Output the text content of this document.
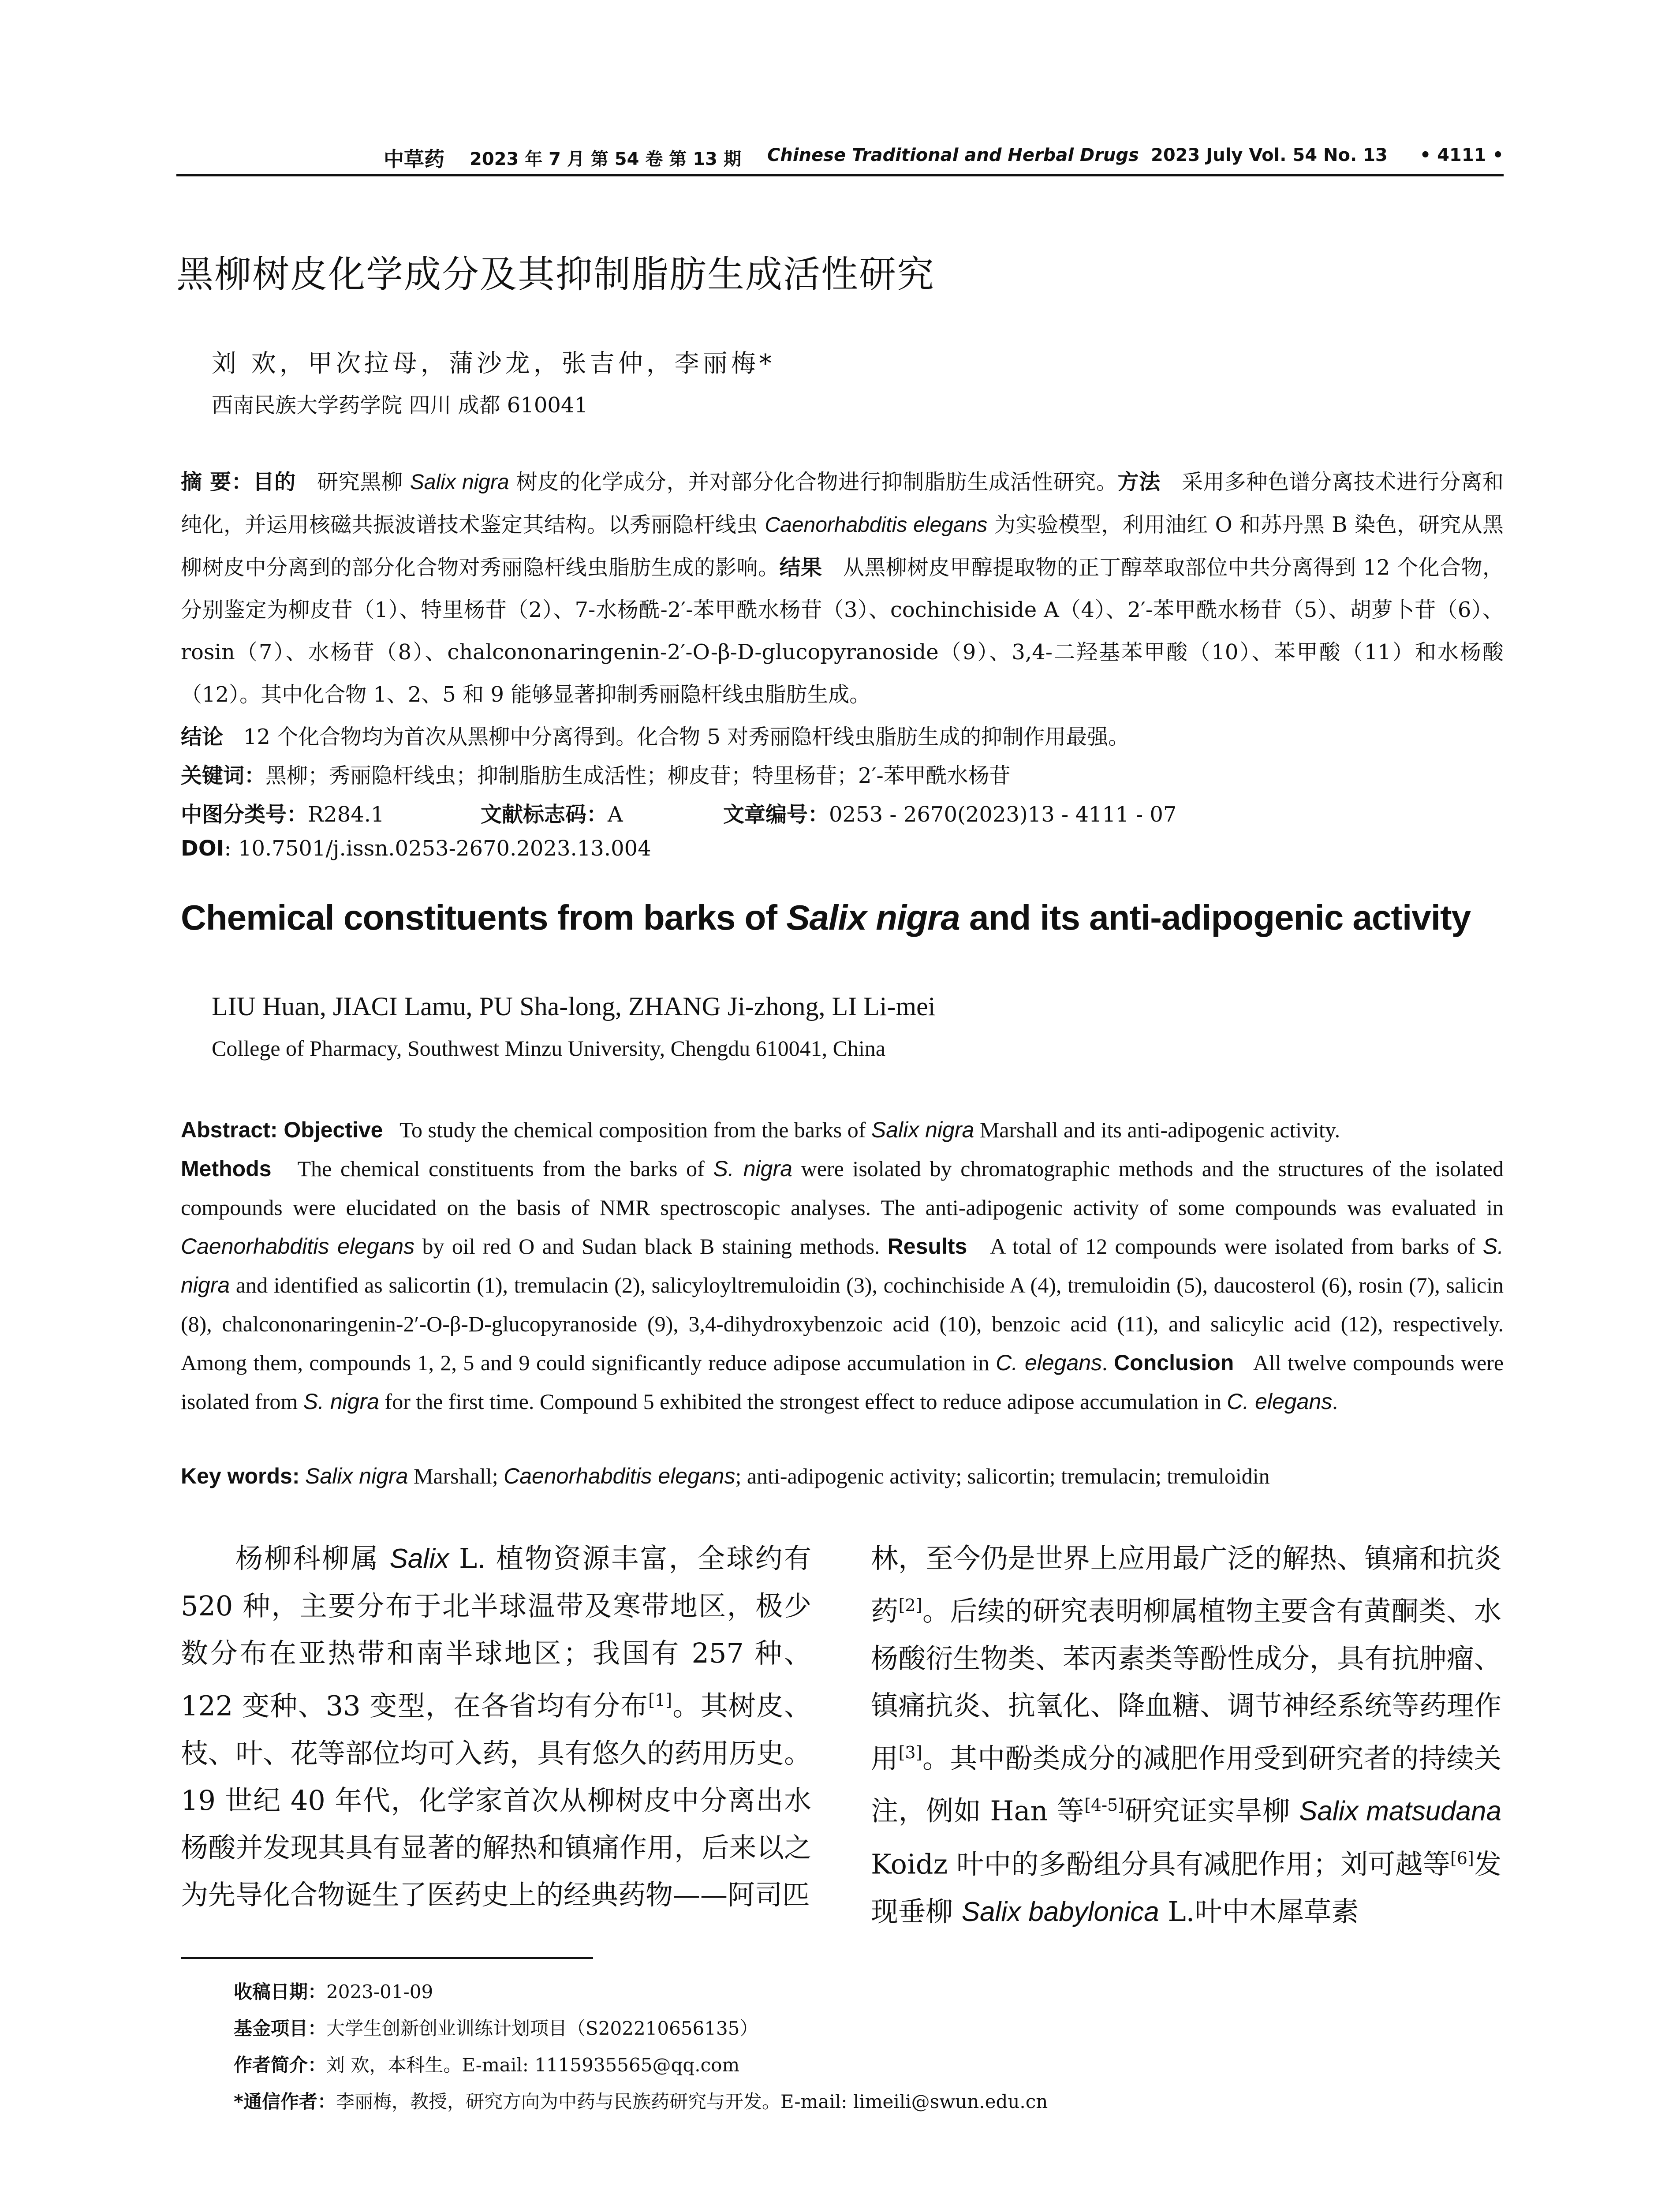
中草药 2023 年 7 月 第 54 卷 第 13 期 Chinese Traditional and Herbal Drugs 2023 July Vol. 54 No. 13 • 4111 •
黑柳树皮化学成分及其抑制脂肪生成活性研究
刘 欢，甲次拉母，蒲沙龙，张吉仲，李丽梅*
西南民族大学药学院 四川 成都 610041
摘 要：目的 研究黑柳 Salix nigra 树皮的化学成分，并对部分化合物进行抑制脂肪生成活性研究。方法 采用多种色谱分离技术进行分离和纯化，并运用核磁共振波谱技术鉴定其结构。以秀丽隐杆线虫 Caenorhabditis elegans 为实验模型，利用油红 O 和苏丹黑 B 染色，研究从黑柳树皮中分离到的部分化合物对秀丽隐杆线虫脂肪生成的影响。结果 从黑柳树皮甲醇提取物的正丁醇萃取部位中共分离得到 12 个化合物，分别鉴定为柳皮苷（1）、特里杨苷（2）、7-水杨酰-2′-苯甲酰水杨苷（3）、cochinchiside A（4）、2′-苯甲酰水杨苷（5）、胡萝卜苷（6）、rosin（7）、水杨苷（8）、chalcononaringenin-2′-O-β-D-glucopyranoside（9）、3,4-二羟基苯甲酸（10）、苯甲酸（11）和水杨酸（12）。其中化合物 1、2、5 和 9 能够显著抑制秀丽隐杆线虫脂肪生成。
结论 12 个化合物均为首次从黑柳中分离得到。化合物 5 对秀丽隐杆线虫脂肪生成的抑制作用最强。
关键词：黑柳；秀丽隐杆线虫；抑制脂肪生成活性；柳皮苷；特里杨苷；2′-苯甲酰水杨苷
中图分类号：R284.1	文献标志码：A	文章编号：0253 - 2670(2023)13 - 4111 - 07
DOI: 10.7501/j.issn.0253-2670.2023.13.004
Chemical constituents from barks of Salix nigra and its anti-adipogenic activity
LIU Huan, JIACI Lamu, PU Sha-long, ZHANG Ji-zhong, LI Li-mei
College of Pharmacy, Southwest Minzu University, Chengdu 610041, China
Abstract: Objective To study the chemical composition from the barks of Salix nigra Marshall and its anti-adipogenic activity.
Methods The chemical constituents from the barks of S. nigra were isolated by chromatographic methods and the structures of the isolated compounds were elucidated on the basis of NMR spectroscopic analyses. The anti-adipogenic activity of some compounds was evaluated in Caenorhabditis elegans by oil red O and Sudan black B staining methods. Results A total of 12 compounds were isolated from barks of S. nigra and identified as salicortin (1), tremulacin (2), salicyloyltremuloidin (3), cochinchiside A (4), tremuloidin (5), daucosterol (6), rosin (7), salicin (8), chalcononaringenin-2′-O-β-D-glucopyranoside (9), 3,4-dihydroxybenzoic acid (10), benzoic acid (11), and salicylic acid (12), respectively. Among them, compounds 1, 2, 5 and 9 could significantly reduce adipose accumulation in C. elegans. Conclusion All twelve compounds were isolated from S. nigra for the first time. Compound 5 exhibited the strongest effect to reduce adipose accumulation in C. elegans.
Key words: Salix nigra Marshall; Caenorhabditis elegans; anti-adipogenic activity; salicortin; tremulacin; tremuloidin
杨柳科柳属 Salix L. 植物资源丰富，全球约有 520 种，主要分布于北半球温带及寒带地区，极少数分布在亚热带和南半球地区；我国有 257 种、122 变种、33 变型，在各省均有分布[1]。其树皮、枝、叶、花等部位均可入药，具有悠久的药用历史。19 世纪 40 年代，化学家首次从柳树皮中分离出水杨酸并发现其具有显著的解热和镇痛作用，后来以之为先导化合物诞生了医药史上的经典药物——阿司匹
林，至今仍是世界上应用最广泛的解热、镇痛和抗炎药[2]。后续的研究表明柳属植物主要含有黄酮类、水杨酸衍生物类、苯丙素类等酚性成分，具有抗肿瘤、镇痛抗炎、抗氧化、降血糖、调节神经系统等药理作用[3]。其中酚类成分的减肥作用受到研究者的持续关注，例如 Han 等[4-5]研究证实旱柳 Salix matsudana Koidz 叶中的多酚组分具有减肥作用；刘可越等[6]发现垂柳 Salix babylonica L.叶中木犀草素
收稿日期：2023-01-09
基金项目：大学生创新创业训练计划项目（S202210656135）
作者简介：刘 欢，本科生。E-mail: 1115935565@qq.com
*通信作者：李丽梅，教授，研究方向为中药与民族药研究与开发。E-mail: limeili@swun.edu.cn
